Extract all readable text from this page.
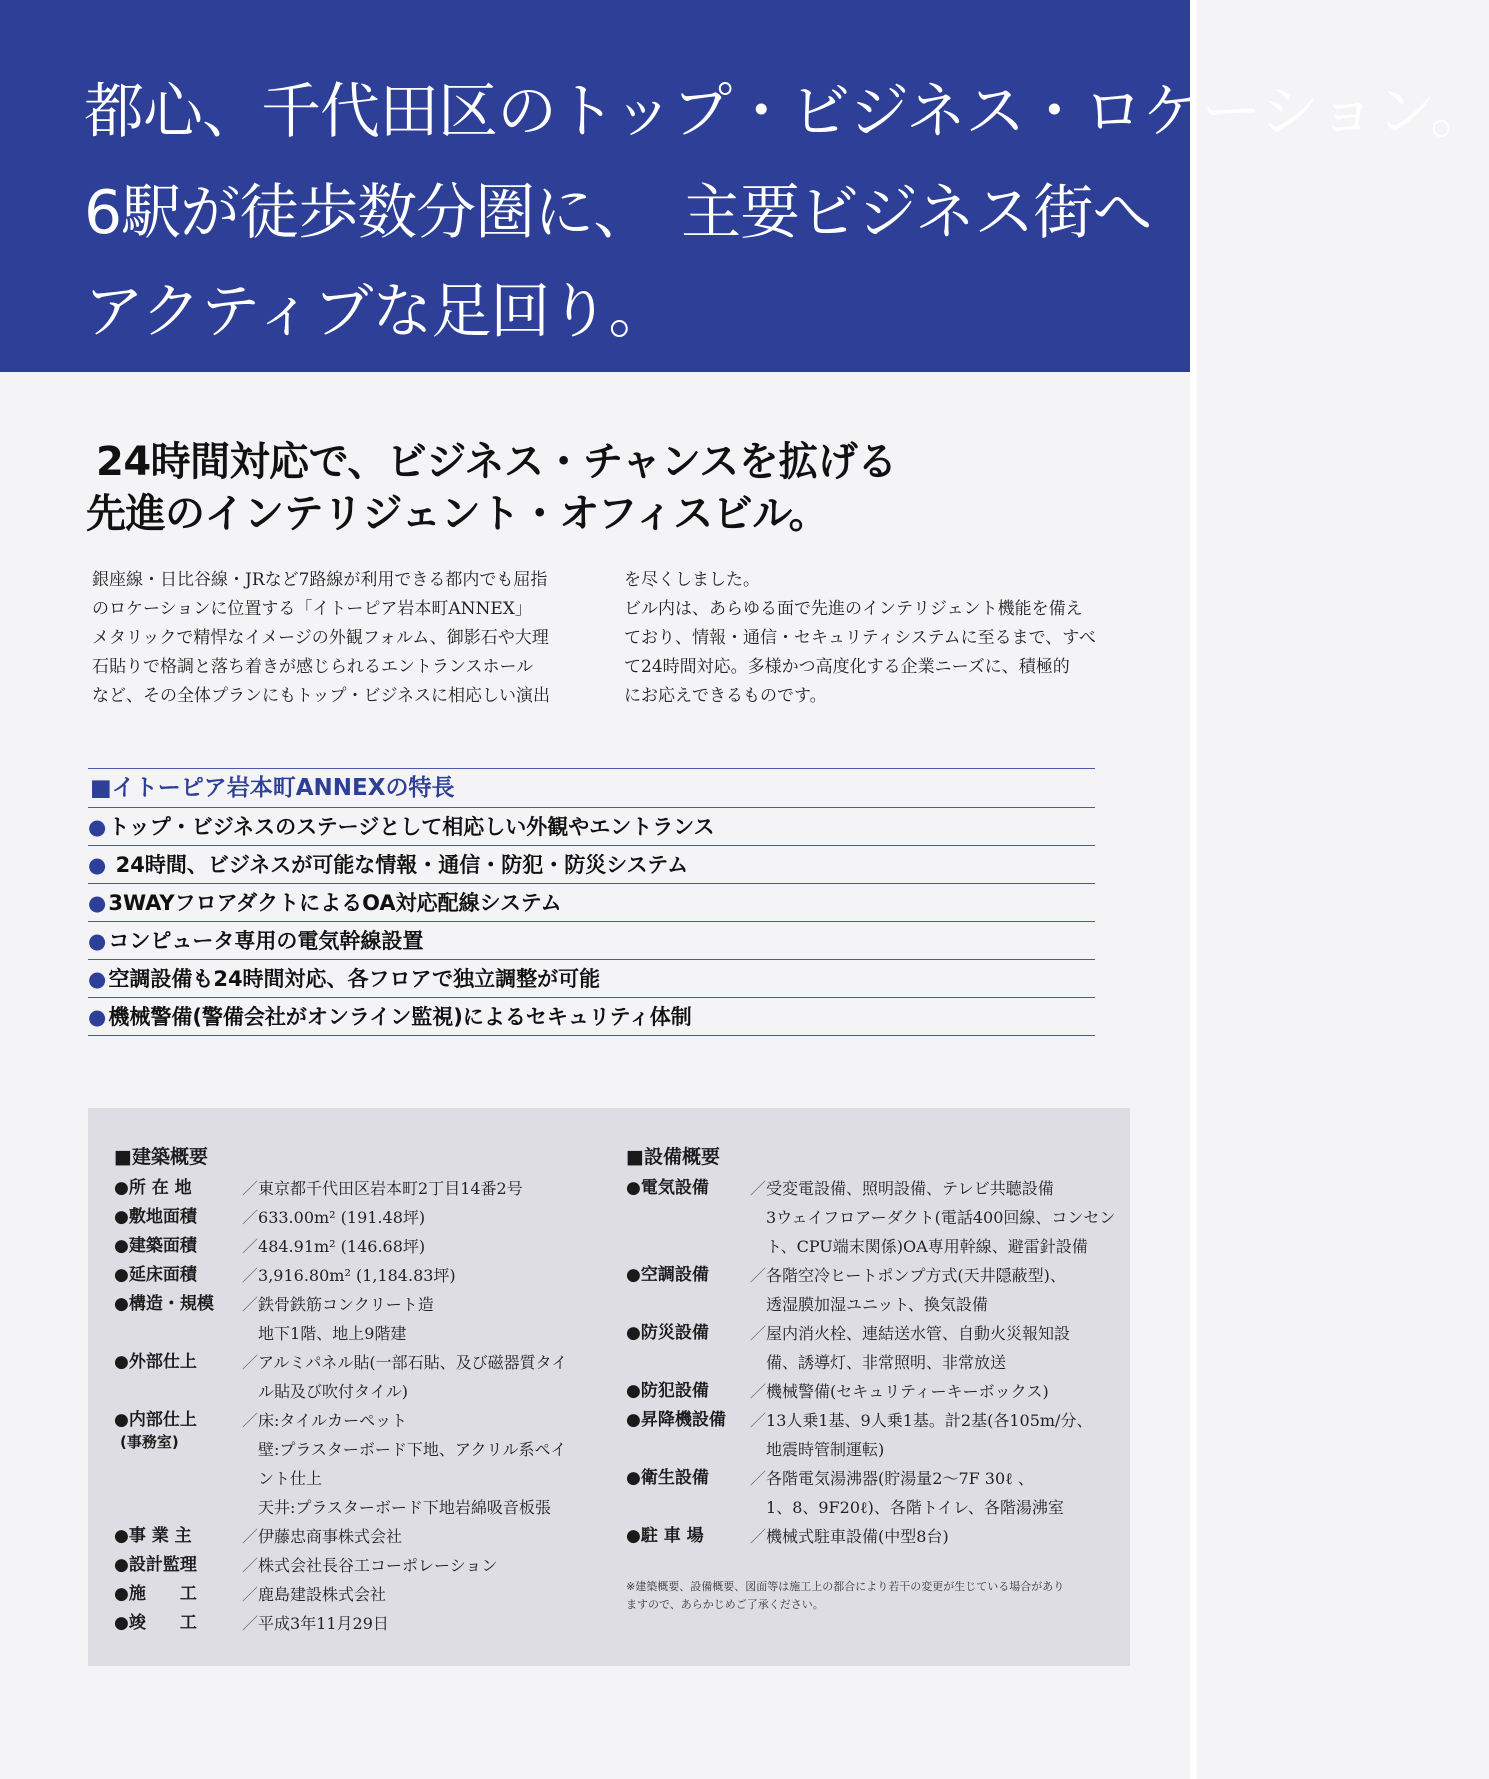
都心、千代田区のトップ・ビジネス・ロケーション。
6駅が徒歩数分圏に、　主要ビジネス街へ
アクティブな足回り。
24時間対応で、ビジネス・チャンスを拡げる
先進のインテリジェント・オフィスビル。

銀座線・日比谷線・JRなど7路線が利用できる都内でも屈指

のロケーションに位置する「イトーピア岩本町ANNEX」

メタリックで精悍なイメージの外観フォルム、御影石や大理

石貼りで格調と落ち着きが感じられるエントランスホール

など、その全体プランにもトップ・ビジネスに相応しい演出

を尽くしました。

ビル内は、あらゆる面で先進のインテリジェント機能を備え

ており、情報・通信・セキュリティシステムに至るまで、すべ

て24時間対応。多様かつ高度化する企業ニーズに、積極的

にお応えできるものです。

■イトーピア岩本町ANNEXの特長
●トップ・ビジネスのステージとして相応しい外観やエントランス
● 24時間、ビジネスが可能な情報・通信・防犯・防災システム
●3WAYフロアダクトによるOA対応配線システム
●コンピュータ専用の電気幹線設置
●空調設備も24時間対応、各フロアで独立調整が可能
●機械警備(警備会社がオンライン監視)によるセキュリティ体制
■建築概要
●所 在 地	／ 東京都千代田区岩本町2丁目14番2号
●敷地面積	／ 633.00m² (191.48坪)
●建築面積	／ 484.91m² (146.68坪)
●延床面積	／ 3,916.80m² (1,184.83坪)
●構造・規模	／ 鉄骨鉄筋コンクリート造
地下1階、地上9階建
●外部仕上	／ アルミパネル貼(一部石貼、及び磁器質タイ
ル貼及び吹付タイル)
●内部仕上
(事務室)
／ 床:タイルカーペット
壁:プラスターボード下地、アクリル系ペイ
ント仕上
天井:プラスターボード下地岩綿吸音板張
●事 業 主	／ 伊藤忠商事株式会社
●設計監理	／ 株式会社長谷工コーポレーション
●施　　工	／ 鹿島建設株式会社
●竣　　工	／ 平成3年11月29日
■設備概要
●電気設備	／ 受変電設備、照明設備、テレビ共聴設備
3ウェイフロアーダクト(電話400回線、コンセン
ト、CPU端末関係)OA専用幹線、避雷針設備
●空調設備	／ 各階空冷ヒートポンプ方式(天井隠蔽型)、
透湿膜加湿ユニット、換気設備
●防災設備	／ 屋内消火栓、連結送水管、自動火災報知設
備、誘導灯、非常照明、非常放送
●防犯設備	／ 機械警備(セキュリティーキーボックス)
●昇降機設備	／ 13人乗1基、9人乗1基。計2基(各105m/分、
地震時管制運転)
●衛生設備	／ 各階電気湯沸器(貯湯量2〜7F 30ℓ 、
1、8、9F20ℓ)、各階トイレ、各階湯沸室
●駐 車 場	／ 機械式駐車設備(中型8台)
※建築概要、設備概要、図面等は施工上の都合により若干の変更が生じている場合があり
ますので、あらかじめご了承ください。
